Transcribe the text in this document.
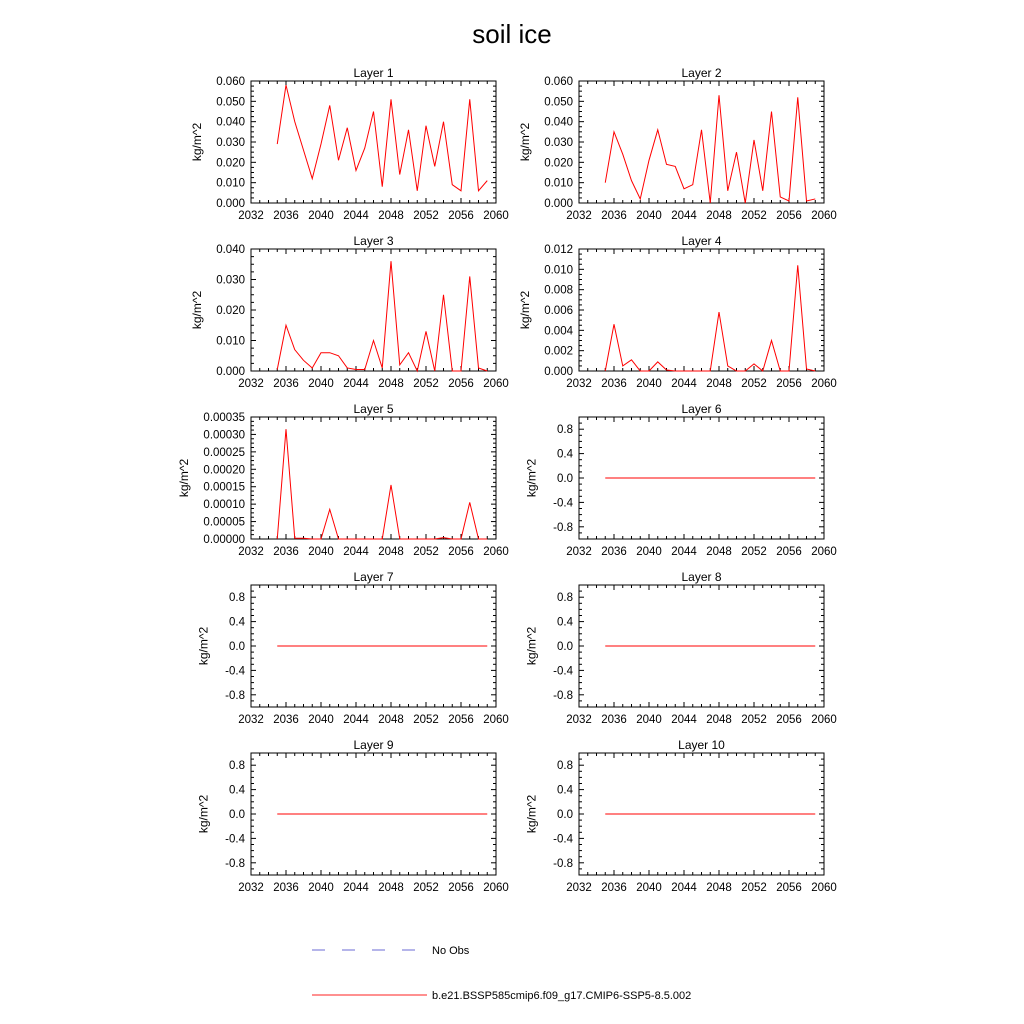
soil ice
Layer 1
2032 2036 2040 2044 2048 2052 2056 2060
0.000
0.010
0.020
0.030
0.040
0.050
0.060
kg/m^2
Layer 2
2032 2036 2040 2044 2048 2052 2056 2060
0.000
0.010
0.020
0.030
0.040
0.050
0.060
kg/m^2
Layer 3
2032 2036 2040 2044 2048 2052 2056 2060
0.000
0.010
0.020
0.030
0.040
kg/m^2
Layer 4
2032 2036 2040 2044 2048 2052 2056 2060
0.000
0.002
0.004
0.006
0.008
0.010
0.012
kg/m^2
Layer 5
2032 2036 2040 2044 2048 2052 2056 2060
0.00000
0.00005
0.00010
0.00015
0.00020
0.00025
0.00030
0.00035
kg/m^2
Layer 6
2032 2036 2040 2044 2048 2052 2056 2060
-0.8
-0.4
0.0
0.4
0.8
kg/m^2
Layer 7
2032 2036 2040 2044 2048 2052 2056 2060
-0.8
-0.4
0.0
0.4
0.8
kg/m^2
Layer 8
2032 2036 2040 2044 2048 2052 2056 2060
-0.8
-0.4
0.0
0.4
0.8
kg/m^2
Layer 9
2032 2036 2040 2044 2048 2052 2056 2060
-0.8
-0.4
0.0
0.4
0.8
kg/m^2
Layer 10
2032 2036 2040 2044 2048 2052 2056 2060
-0.8
-0.4
0.0
0.4
0.8
kg/m^2
No Obs
b.e21.BSSP585cmip6.f09_g17.CMIP6-SSP5-8.5.002
